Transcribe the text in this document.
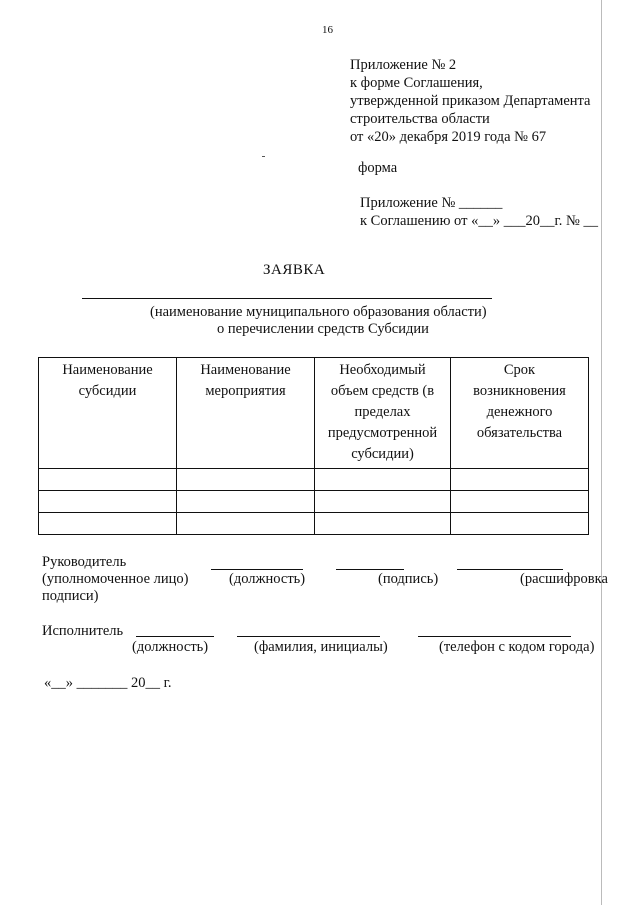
16
Приложение № 2
к форме Соглашения,
утвержденной приказом Департамента
строительства области
от «20» декабря 2019 года № 67
форма
Приложение № ______
к Соглашению от «__» ___20__г. № __
ЗАЯВКА
(наименование муниципального образования области)
о перечислении средств Субсидии
Наименование субсидии	Наименование мероприятия	Необходимый объем средств (в пределах предусмотренной субсидии)	Срок возникновения денежного обязательства

Руководитель
(уполномоченное лицо)	(должность)	(подпись)	(расшифровка
подписи)
Исполнитель
(должность)	(фамилия, инициалы)	(телефон с кодом города)
«__» _______ 20__ г.
